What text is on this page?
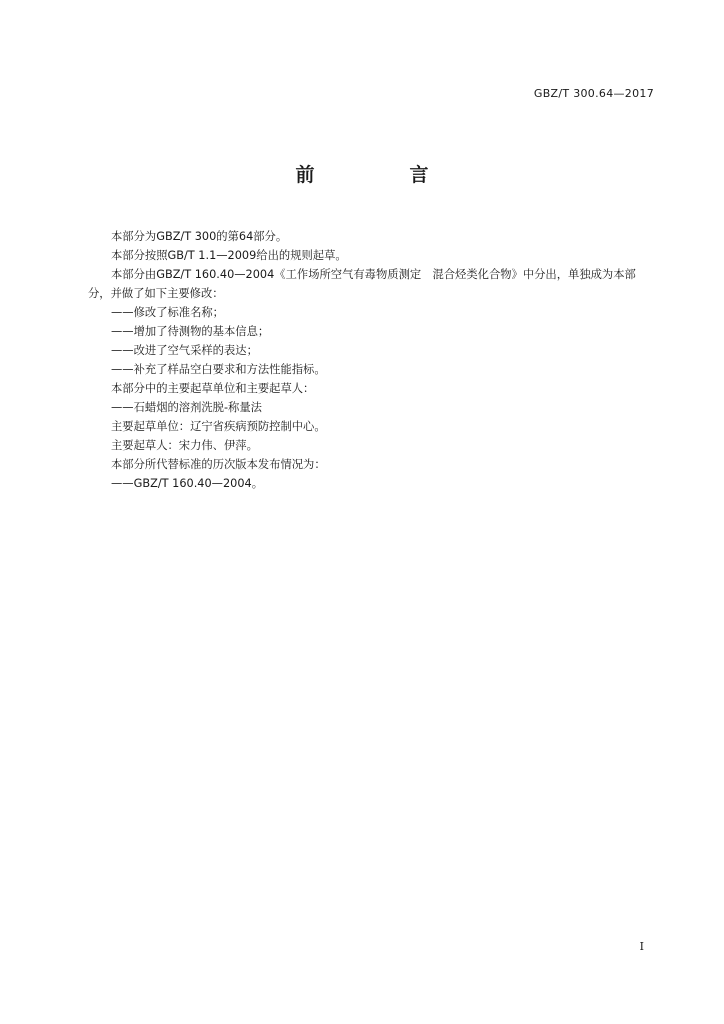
GBZ/T 300.64—2017
前　言

本部分为GBZ/T 300的第64部分。

本部分按照GB/T 1.1—2009给出的规则起草。

本部分由GBZ/T 160.40—2004《工作场所空气有毒物质测定　混合烃类化合物》中分出，单独成为本部分，并做了如下主要修改：

——修改了标准名称；

——增加了待测物的基本信息；

——改进了空气采样的表达；

——补充了样品空白要求和方法性能指标。

本部分中的主要起草单位和主要起草人：

——石蜡烟的溶剂洗脱-称量法

主要起草单位：辽宁省疾病预防控制中心。

主要起草人：宋力伟、伊萍。

本部分所代替标准的历次版本发布情况为：

——GBZ/T 160.40—2004。

I
